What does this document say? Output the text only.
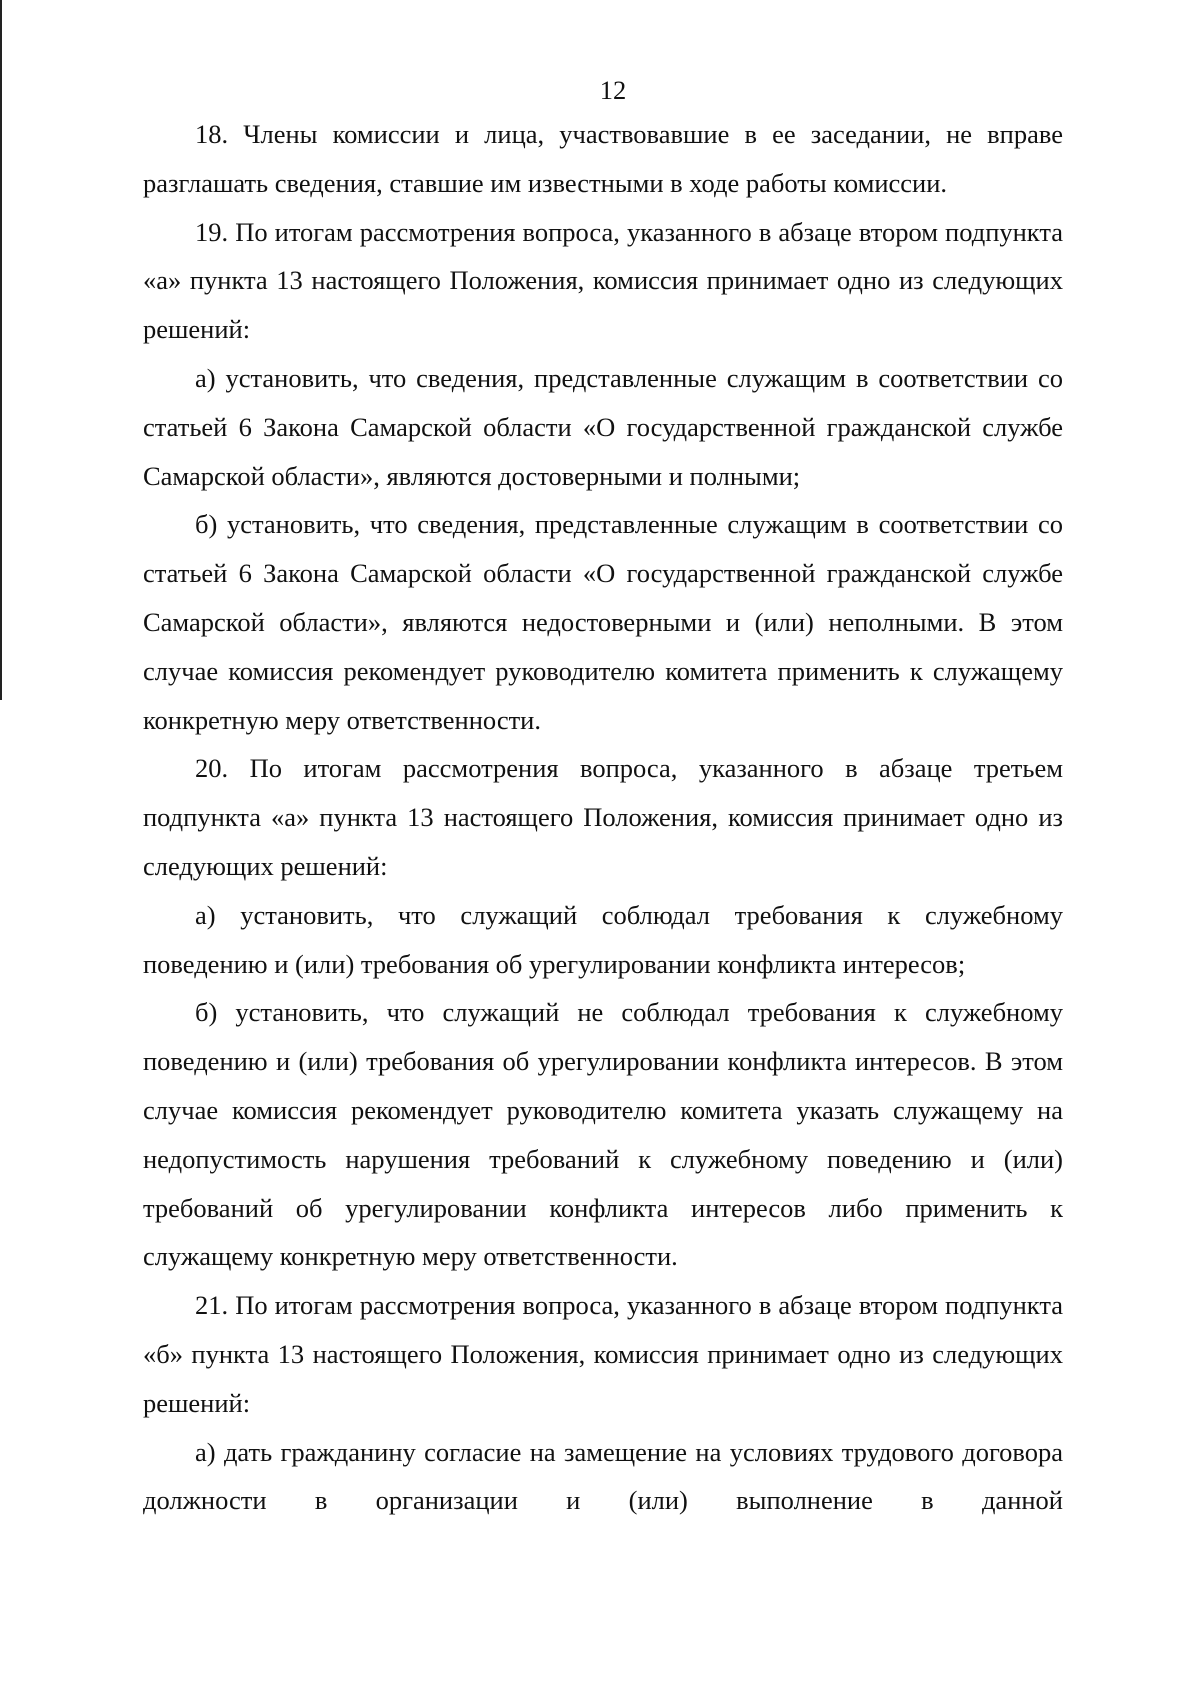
12

18. Члены комиссии и лица, участвовавшие в ее заседании, не вправе разглашать сведения, ставшие им известными в ходе работы комиссии.

19. По итогам рассмотрения вопроса, указанного в абзаце втором подпункта «а» пункта 13 настоящего Положения, комиссия принимает одно из следующих решений:

а) установить, что сведения, представленные служащим в соответствии со статьей 6 Закона Самарской области «О государственной гражданской службе Самарской области», являются достоверными и полными;

б) установить, что сведения, представленные служащим в соответствии со статьей 6 Закона Самарской области «О государственной гражданской службе Самарской области», являются недостоверными и (или) неполными. В этом случае комиссия рекомендует руководителю комитета применить к служащему конкретную меру ответственности.

20. По итогам рассмотрения вопроса, указанного в абзаце третьем подпункта «а» пункта 13 настоящего Положения, комиссия принимает одно из следующих решений:

а) установить, что служащий соблюдал требования к служебному поведению и (или) требования об урегулировании конфликта интересов;

б) установить, что служащий не соблюдал требования к служебному поведению и (или) требования об урегулировании конфликта интересов. В этом случае комиссия рекомендует руководителю комитета указать служащему на недопустимость нарушения требований к служебному поведению и (или) требований об урегулировании конфликта интересов либо применить к служащему конкретную меру ответственности.

21. По итогам рассмотрения вопроса, указанного в абзаце втором подпункта «б» пункта 13 настоящего Положения, комиссия принимает одно из следующих решений:

а) дать гражданину согласие на замещение на условиях трудового договора должности в организации и (или) выполнение в данной
